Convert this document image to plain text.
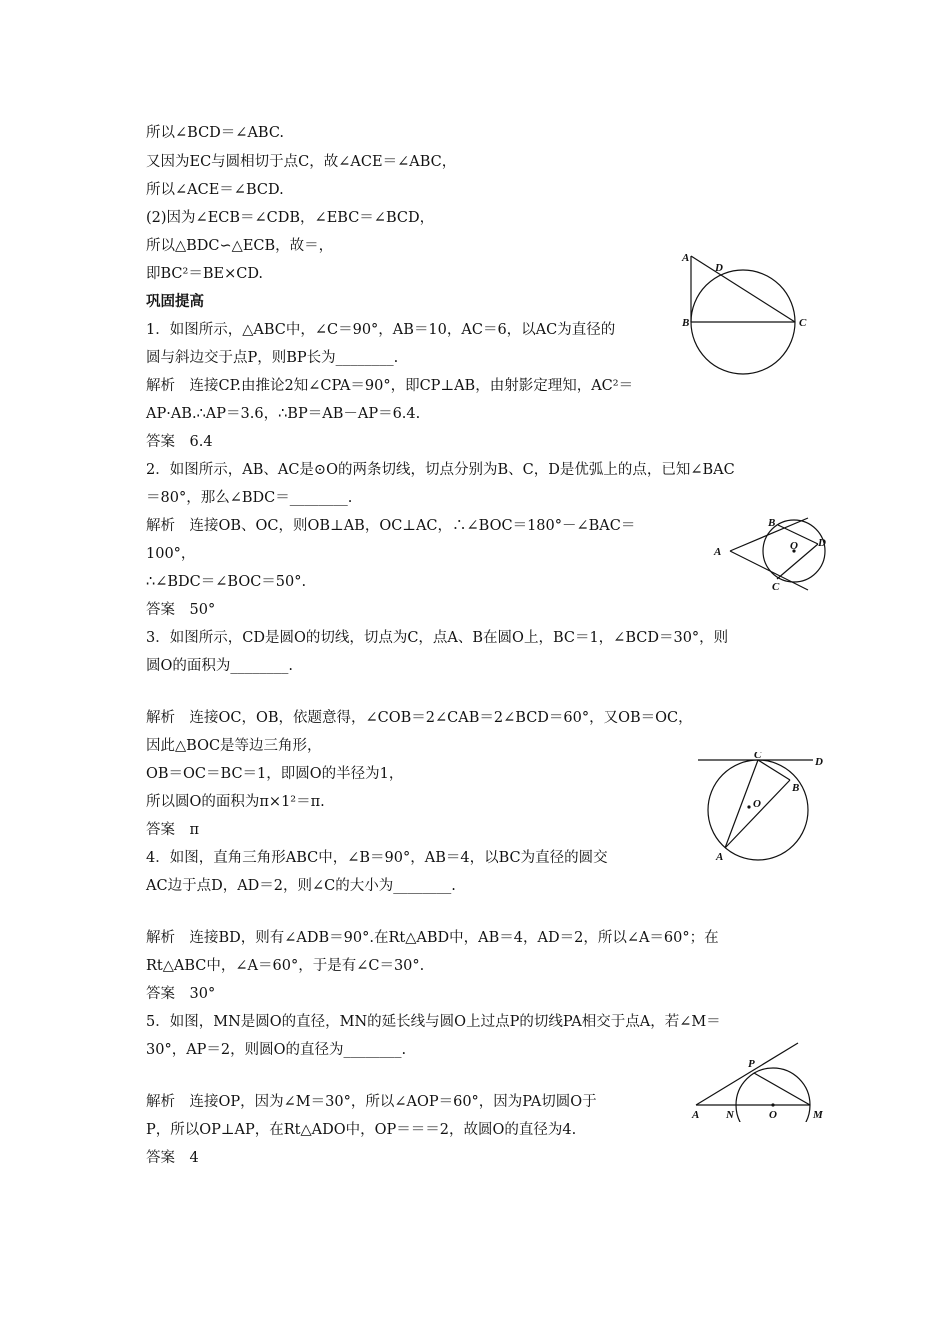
所以∠BCD＝∠ABC.
又因为EC与圆相切于点C，故∠ACE＝∠ABC，
所以∠ACE＝∠BCD.
(2)因为∠ECB＝∠CDB，∠EBC＝∠BCD，
所以△BDC∽△ECB，故＝，
即BC²＝BE×CD.
巩固提高
1．如图所示，△ABC中，∠C＝90°，AB＝10，AC＝6，以AC为直径的
圆与斜边交于点P，则BP长为________.
解析　连接CP.由推论2知∠CPA＝90°，即CP⊥AB，由射影定理知，AC²＝
AP·AB.∴AP＝3.6，∴BP＝AB－AP＝6.4.
答案　6.4
2．如图所示，AB、AC是⊙O的两条切线，切点分别为B、C，D是优弧上的点，已知∠BAC
＝80°，那么∠BDC＝________.
解析　连接OB、OC，则OB⊥AB，OC⊥AC，∴∠BOC＝180°－∠BAC＝
100°，
∴∠BDC＝∠BOC＝50°.
答案　50°
3．如图所示，CD是圆O的切线，切点为C，点A、B在圆O上，BC＝1，∠BCD＝30°，则
圆O的面积为________.
解析　连接OC，OB，依题意得，∠COB＝2∠CAB＝2∠BCD＝60°，又OB＝OC，
因此△BOC是等边三角形，
OB＝OC＝BC＝1，即圆O的半径为1，
所以圆O的面积为π×1²＝π.
答案　π
4．如图，直角三角形ABC中，∠B＝90°，AB＝4，以BC为直径的圆交
AC边于点D，AD＝2，则∠C的大小为________.
解析　连接BD，则有∠ADB＝90°.在Rt△ABD中，AB＝4，AD＝2，所以∠A＝60°；在
Rt△ABC中，∠A＝60°，于是有∠C＝30°.
答案　30°
5．如图，MN是圆O的直径，MN的延长线与圆O上过点P的切线PA相交于点A，若∠M＝
30°，AP＝2，则圆O的直径为________.
解析　连接OP，因为∠M＝30°，所以∠AOP＝60°，因为PA切圆O于
P，所以OP⊥AP，在Rt△ADO中，OP＝＝＝2，故圆O的直径为4.
答案　4
A
D
B	C
B
A	O D
C
C
D
O
B
A
P
A N	O	M
